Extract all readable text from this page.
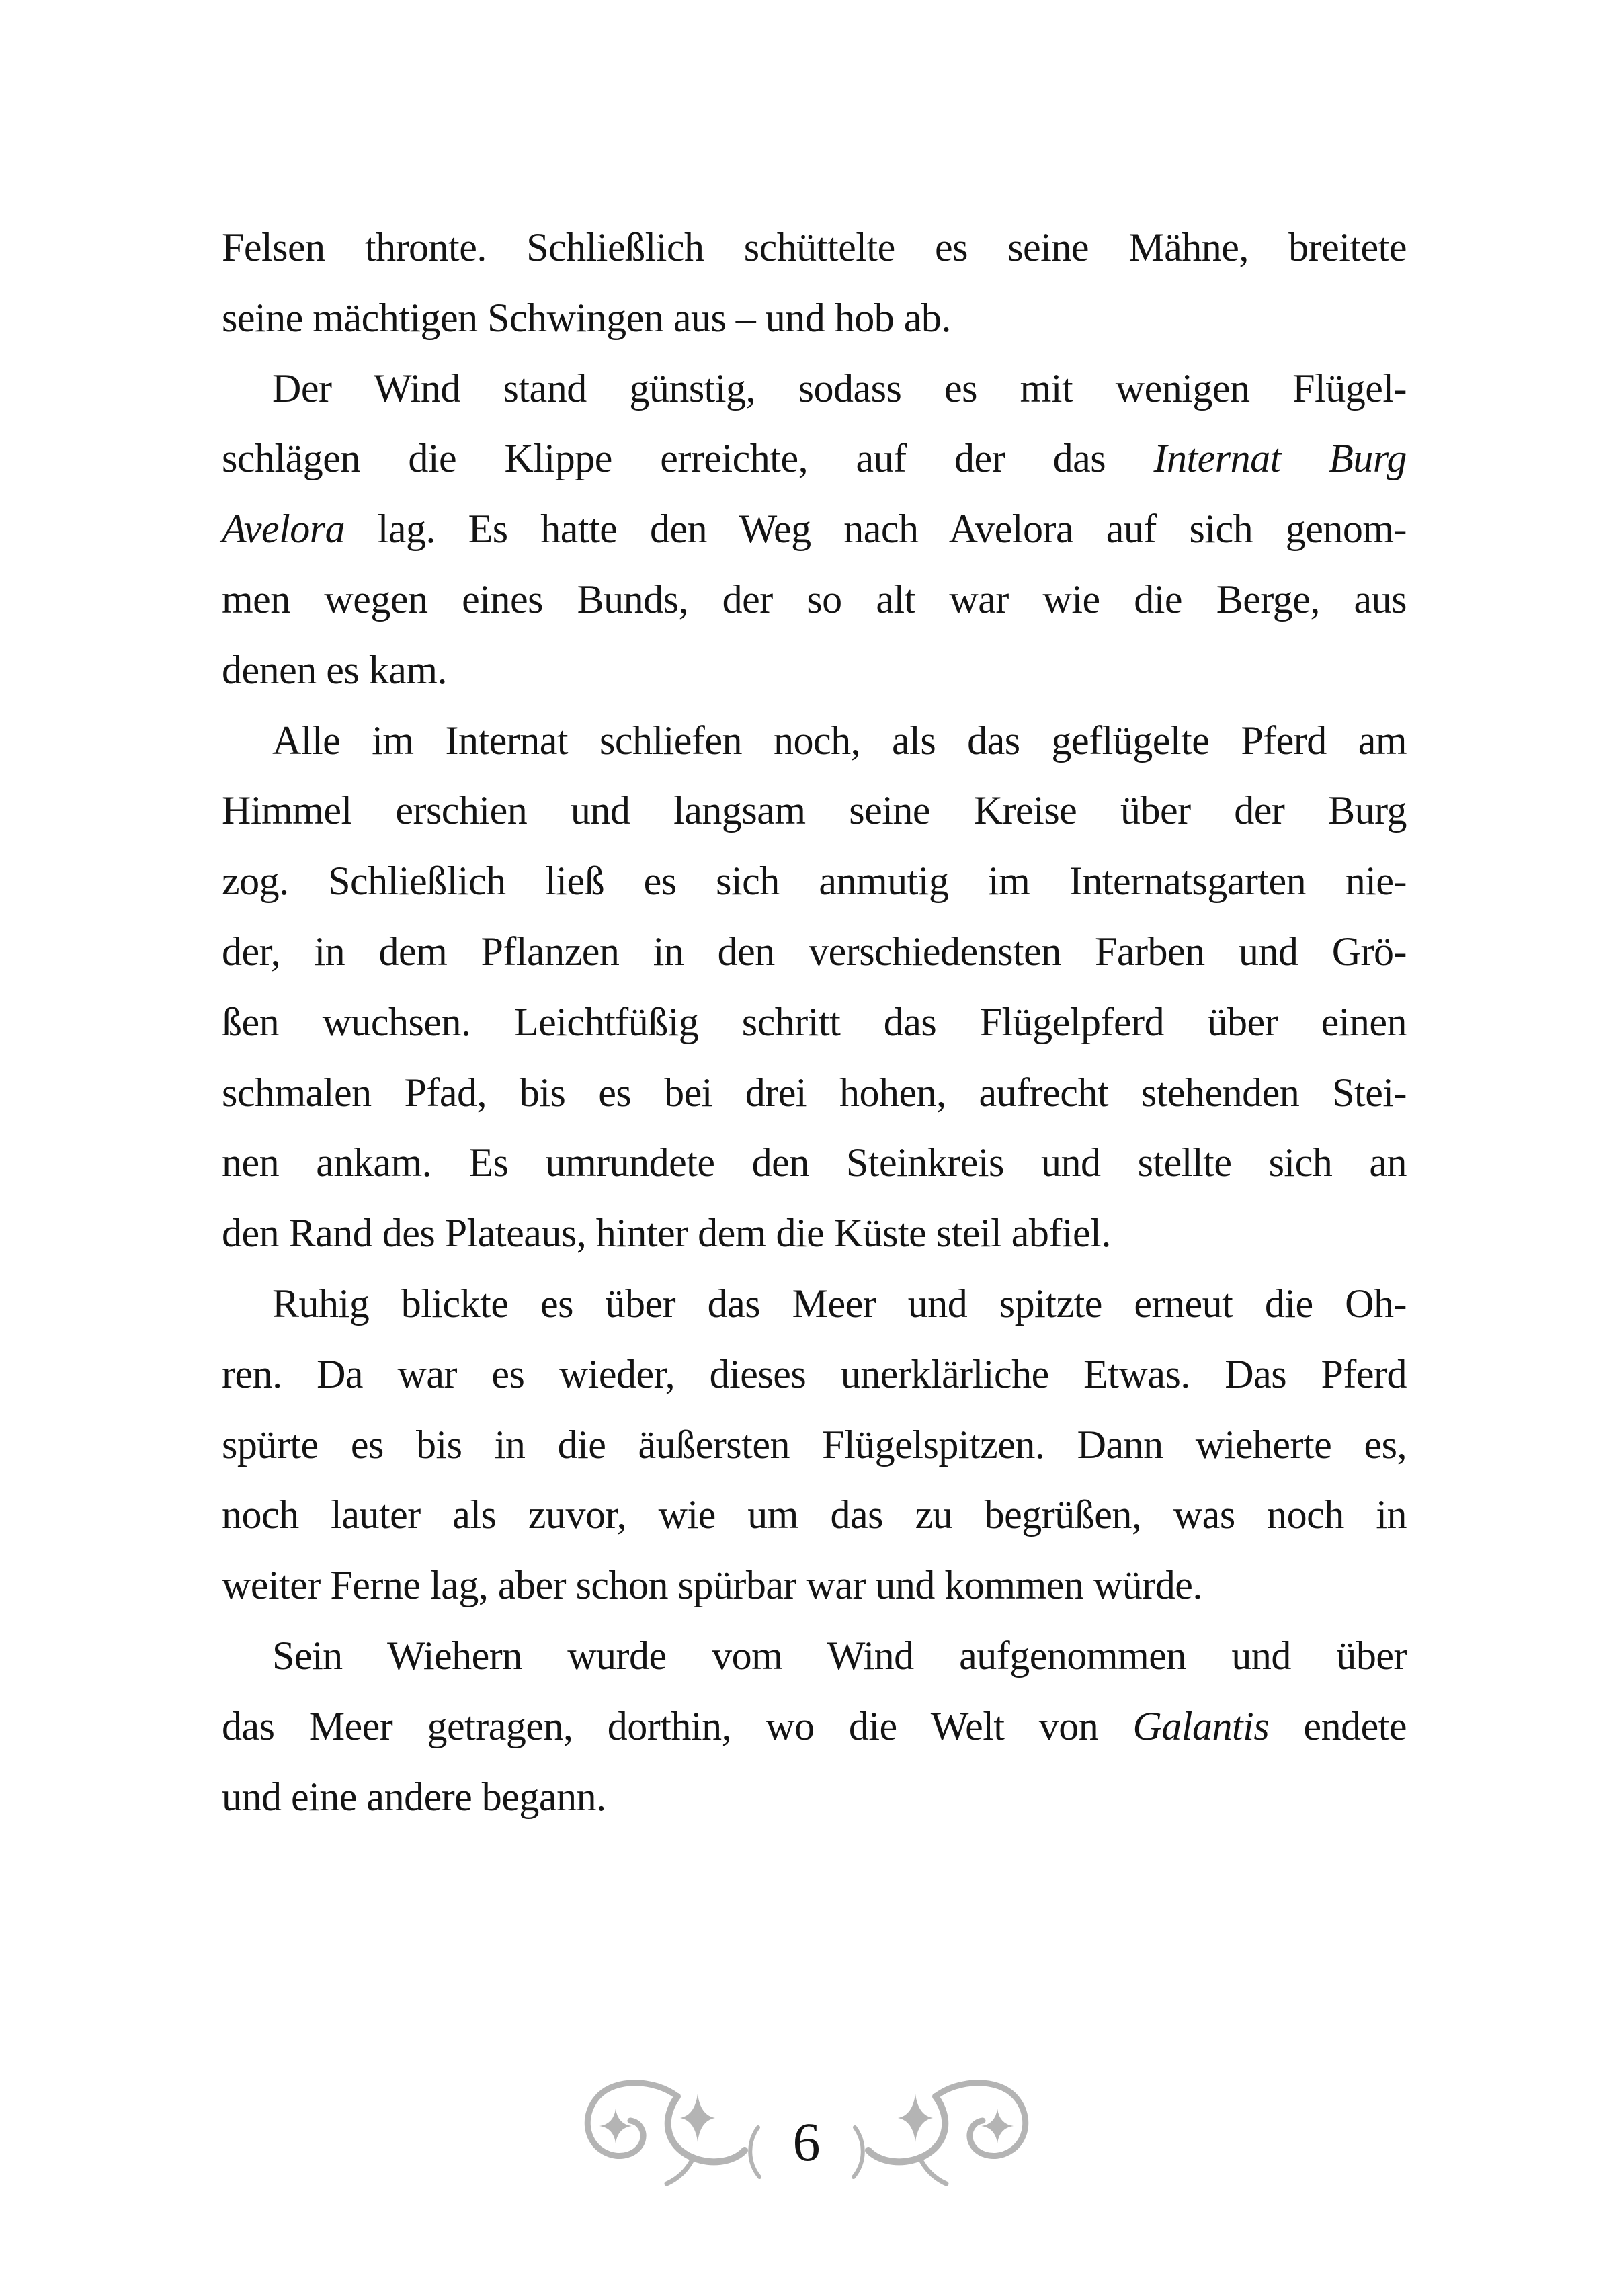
Felsen thronte. Schließlich schüttelte es seine Mähne, breitete
seine mächtigen Schwingen aus – und hob ab.
Der Wind stand günstig, sodass es mit wenigen Flügel-
schlägen die Klippe erreichte, auf der das Internat Burg
Avelora lag. Es hatte den Weg nach Avelora auf sich genom-
men wegen eines Bunds, der so alt war wie die Berge, aus
denen es kam.
Alle im Internat schliefen noch, als das geflügelte Pferd am
Himmel erschien und langsam seine Kreise über der Burg
zog. Schließlich ließ es sich anmutig im Internatsgarten nie-
der, in dem Pflanzen in den verschiedensten Farben und Grö-
ßen wuchsen. Leichtfüßig schritt das Flügelpferd über einen
schmalen Pfad, bis es bei drei hohen, aufrecht stehenden Stei-
nen ankam. Es umrundete den Steinkreis und stellte sich an
den Rand des Plateaus, hinter dem die Küste steil abfiel.
Ruhig blickte es über das Meer und spitzte erneut die Oh-
ren. Da war es wieder, dieses unerklärliche Etwas. Das Pferd
spürte es bis in die äußersten Flügelspitzen. Dann wieherte es,
noch lauter als zuvor, wie um das zu begrüßen, was noch in
weiter Ferne lag, aber schon spürbar war und kommen würde.
Sein Wiehern wurde vom Wind aufgenommen und über
das Meer getragen, dorthin, wo die Welt von Galantis endete
und eine andere begann.
6
